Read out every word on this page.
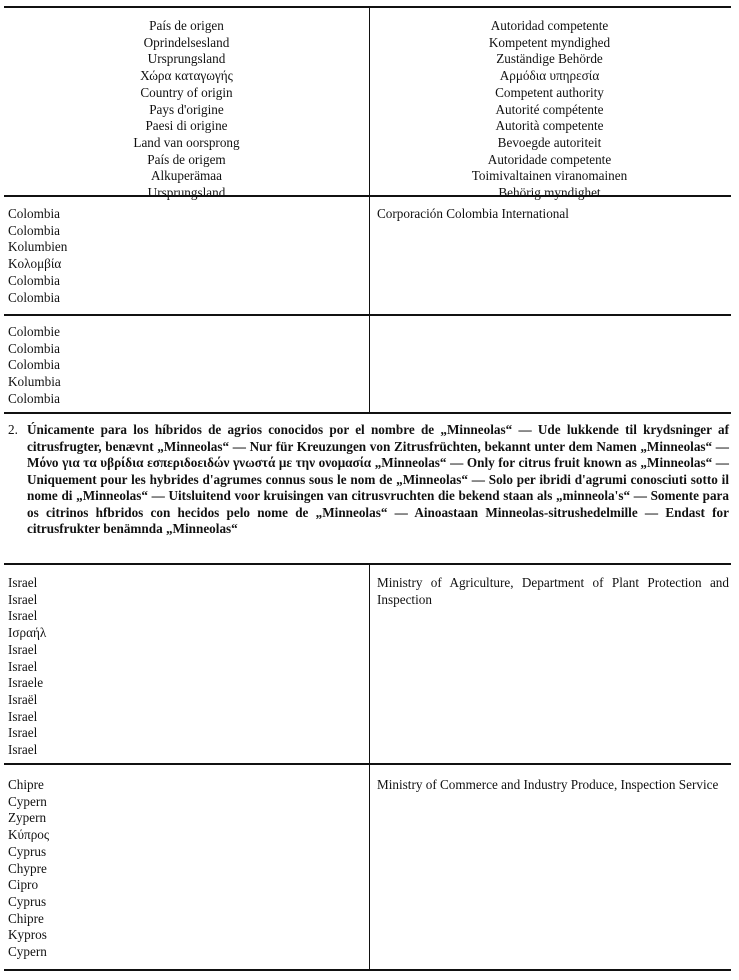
País de origen
Oprindelsesland
Ursprungsland
Χώρα καταγωγής
Country of origin
Pays d'origine
Paesi di origine
Land van oorsprong
País de origem
Alkuperämaa
Ursprungsland
Autoridad competente
Kompetent myndighed
Zuständige Behörde
Αρμόδια υπηρεσία
Competent authority
Autorité compétente
Autorità competente
Bevoegde autoriteit
Autoridade competente
Toimivaltainen viranomainen
Behörig myndighet
Colombia
Colombia
Kolumbien
Κολομβία
Colombia
Colombia
Corporación Colombia International
Colombie
Colombia
Colombia
Kolumbia
Colombia
2. Únicamente para los híbridos de agrios conocidos por el nombre de „Minneolas“ — Ude lukkende til krydsninger af citrusfrugter, benævnt „Minneolas“ — Nur für Kreuzungen von Zitrusfrüchten, bekannt unter dem Namen „Minneolas“ — Μόνο για τα υβρίδια εσπεριδοειδών γνωστά με την ονομασία „Minneolas“ — Only for citrus fruit known as „Minneolas“ — Uniquement pour les hybrides d'agrumes connus sous le nom de „Minneolas“ — Solo per ibridi d'agrumi conosciuti sotto il nome di „Minneolas“ — Uitsluitend voor kruisingen van citrusvruchten die bekend staan als „minneola's“ — Somente para os citrinos hfbridos con hecidos pelo nome de „Minneolas“ — Ainoastaan Minneolas-sitrushedelmille — Endast for citrusfrukter benämnda „Minneolas“
Israel
Israel
Israel
Ισραήλ
Israel
Israel
Israele
Israël
Israel
Israel
Israel
Ministry of Agriculture, Department of Plant Protection and Inspection
Chipre
Cypern
Zypern
Κύπρος
Cyprus
Chypre
Cipro
Cyprus
Chipre
Kypros
Cypern
Ministry of Commerce and Industry Produce, Inspection Service
